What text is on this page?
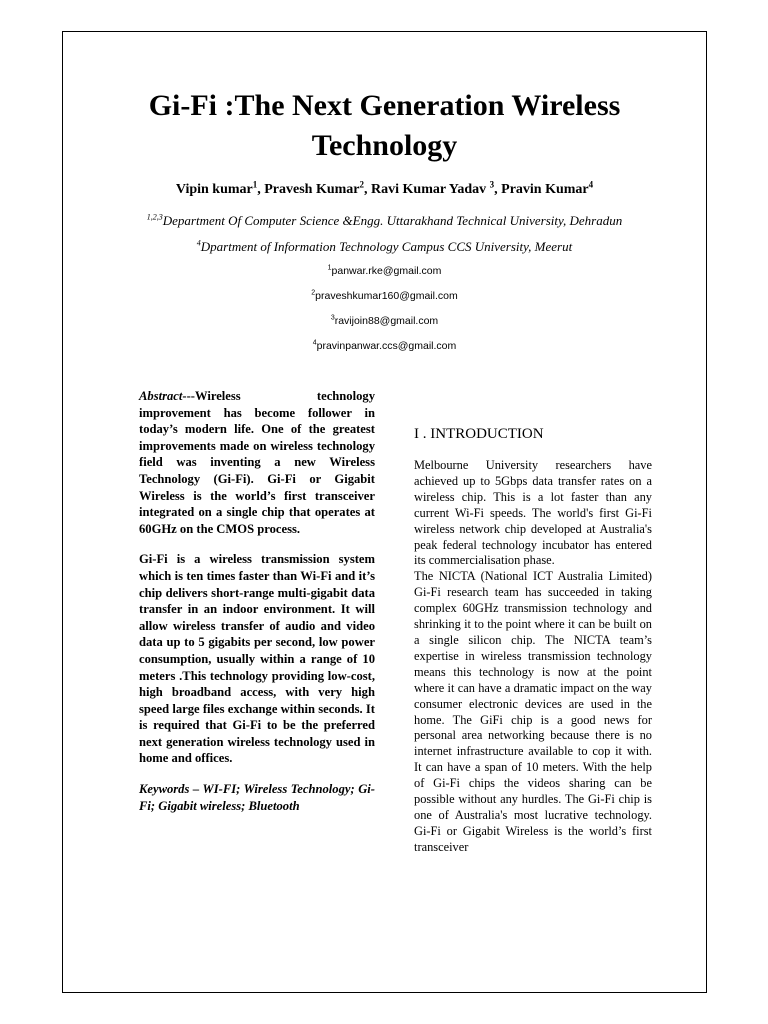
Gi-Fi :The Next Generation Wireless
Technology
Vipin kumar$^1$, Pravesh Kumar$^2$, Ravi Kumar Yadav $^3$, Pravin Kumar$^4$
$^{1,2,3}$Department Of Computer Science &Engg. Uttarakhand Technical University, Dehradun
$^4$Dpartment of Information Technology Campus CCS University, Meerut
$^1$panwar.rke@gmail.com
$^2$praveshkumar160@gmail.com
$^3$ravijoin88@gmail.com
$^4$pravinpanwar.ccs@gmail.com

Abstract---Wireless technology improvement has become follower in today’s modern life. One of the greatest improvements made on wireless technology field was inventing a new Wireless Technology (Gi-Fi). Gi-Fi or Gigabit Wireless is the world’s first transceiver integrated on a single chip that operates at 60GHz on the CMOS process.

Gi-Fi is a wireless transmission system which is ten times faster than Wi-Fi and it’s chip delivers short-range multi-gigabit data transfer in an indoor environment. It will allow wireless transfer of audio and video data up to 5 gigabits per second, low power consumption, usually within a range of 10 meters .This technology providing low-cost, high broadband access, with very high speed large files exchange within seconds. It is required that Gi-Fi to be the preferred next generation wireless technology used in home and offices.

Keywords – WI-FI; Wireless Technology; Gi-Fi; Gigabit wireless; Bluetooth

I . INTRODUCTION

Melbourne University researchers have achieved up to 5Gbps data transfer rates on a wireless chip. This is a lot faster than any current Wi-Fi speeds. The world's first Gi-Fi wireless network chip developed at Australia's peak federal technology incubator has entered its commercialisation phase.

The NICTA (National ICT Australia Limited) Gi-Fi research team has succeeded in taking complex 60GHz transmission technology and shrinking it to the point where it can be built on a single silicon chip. The NICTA team’s expertise in wireless transmission technology means this technology is now at the point where it can have a dramatic impact on the way consumer electronic devices are used in the home. The GiFi chip is a good news for personal area networking because there is no internet infrastructure available to cop it with. It can have a span of 10 meters. With the help of Gi-Fi chips the videos sharing can be possible without any hurdles. The Gi-Fi chip is one of Australia's most lucrative technology. Gi-Fi or Gigabit Wireless is the world’s first transceiver
